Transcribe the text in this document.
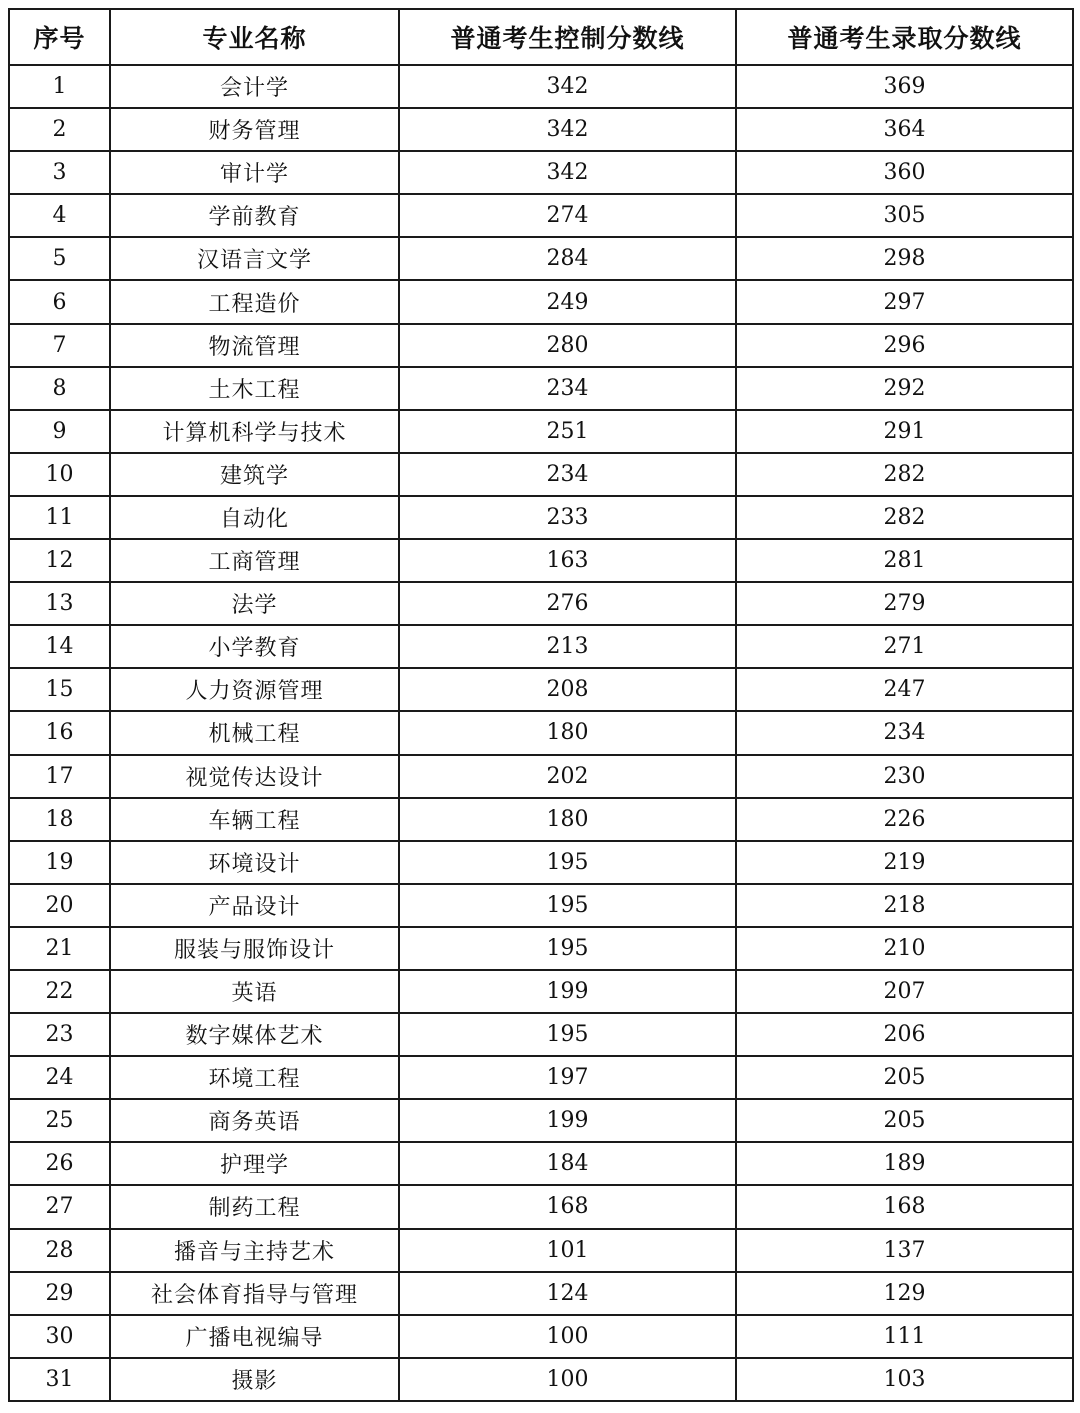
序号	专业名称	普通考生控制分数线	普通考生录取分数线
1	会计学	342	369
2	财务管理	342	364
3	审计学	342	360
4	学前教育	274	305
5	汉语言文学	284	298
6	工程造价	249	297
7	物流管理	280	296
8	土木工程	234	292
9	计算机科学与技术	251	291
10	建筑学	234	282
11	自动化	233	282
12	工商管理	163	281
13	法学	276	279
14	小学教育	213	271
15	人力资源管理	208	247
16	机械工程	180	234
17	视觉传达设计	202	230
18	车辆工程	180	226
19	环境设计	195	219
20	产品设计	195	218
21	服装与服饰设计	195	210
22	英语	199	207
23	数字媒体艺术	195	206
24	环境工程	197	205
25	商务英语	199	205
26	护理学	184	189
27	制药工程	168	168
28	播音与主持艺术	101	137
29	社会体育指导与管理	124	129
30	广播电视编导	100	111
31	摄影	100	103
